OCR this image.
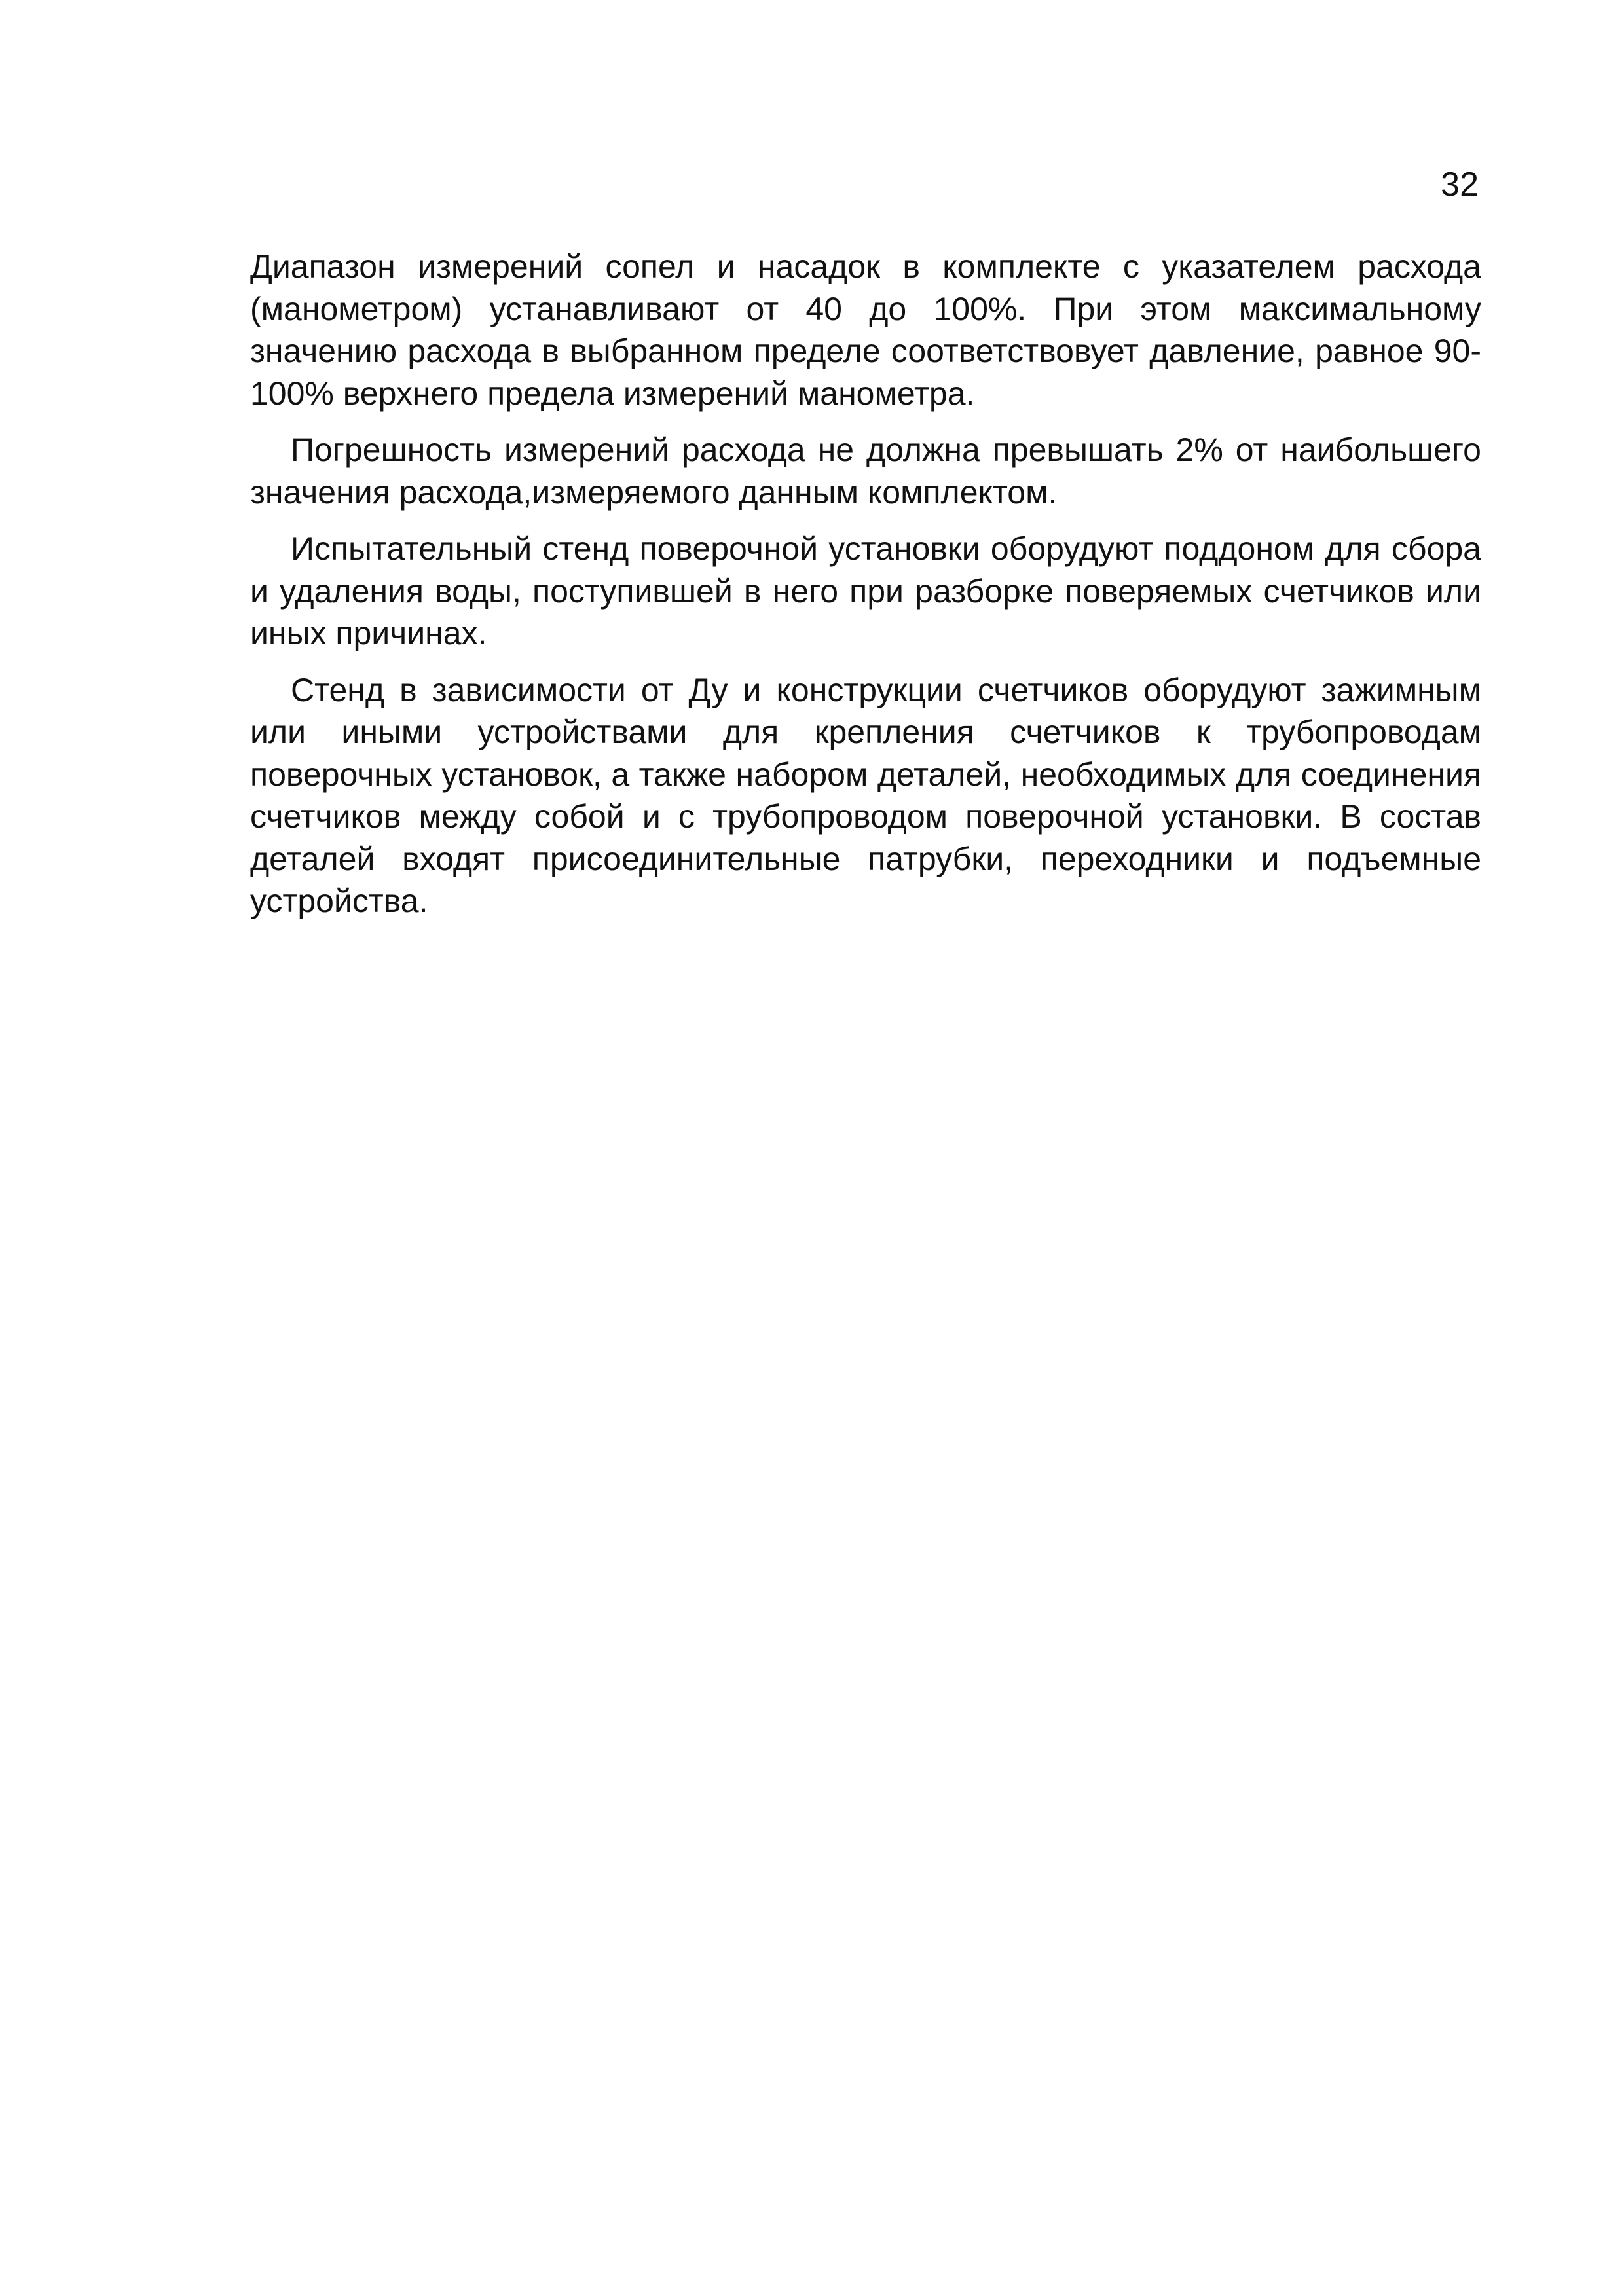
32

Диапазон измерений сопел и насадок в комплекте с указателем расхода (манометром) устанавливают от 40 до 100%. При этом максимальному значению расхода в выбранном пределе соответствовует давление, равное 90-100% верхнего предела измерений манометра.

Погрешность измерений расхода не должна превышать 2% от наибольшего значения расхода,измеряемого данным комплектом.

Испытательный стенд поверочной установки оборудуют поддоном для сбора и удаления воды, поступившей в него при разборке поверяемых счетчиков или иных причинах.

Стенд в зависимости от Ду и конструкции счетчиков оборудуют зажимным или иными устройствами для крепления счетчиков к трубопроводам поверочных установок, а также набором деталей, необходимых для соединения счетчиков между собой и с трубопроводом поверочной установки. В состав деталей входят присоединительные патрубки, переходники и подъемные устройства.
